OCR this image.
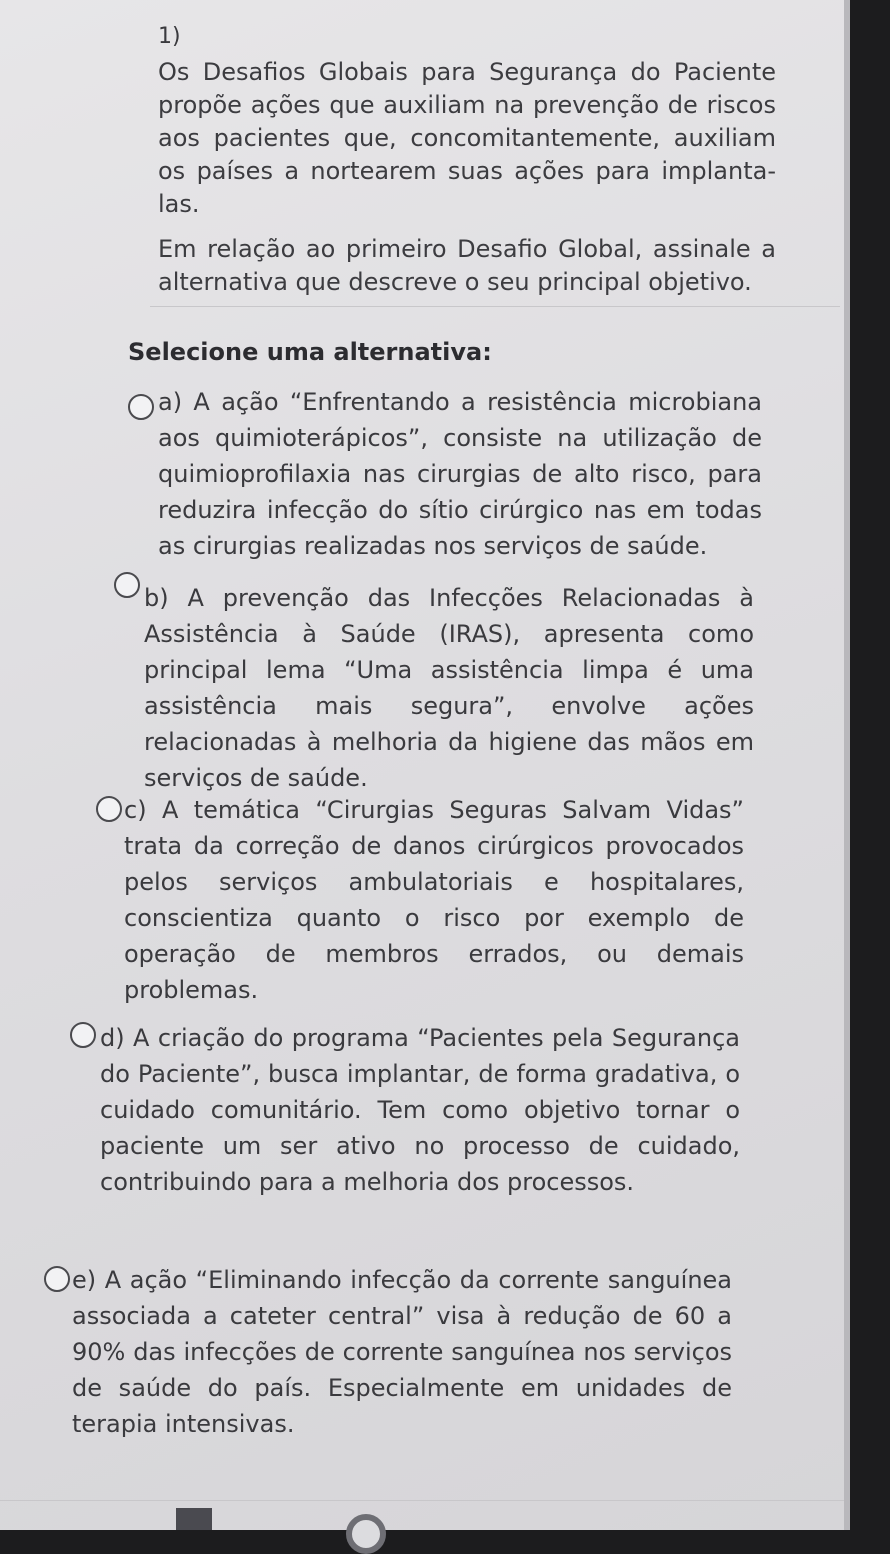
1)

Os Desafios Globais para Segurança do Paciente propõe ações que auxiliam na prevenção de riscos aos pacientes que, concomitantemente, auxiliam os países a nortearem suas ações para implanta-las.

Em relação ao primeiro Desafio Global, assinale a alternativa que descreve o seu principal objetivo.

Selecione uma alternativa:
a) A ação “Enfrentando a resistência microbiana aos quimioterápicos”, consiste na utilização de quimioprofilaxia nas cirurgias de alto risco, para reduzira infecção do sítio cirúrgico nas em todas as cirurgias realizadas nos serviços de saúde.
b) A prevenção das Infecções Relacionadas à Assistência à Saúde (IRAS), apresenta como principal lema “Uma assistência limpa é uma assistência mais segura”, envolve ações relacionadas à melhoria da higiene das mãos em serviços de saúde.
c) A temática “Cirurgias Seguras Salvam Vidas” trata da correção de danos cirúrgicos provocados pelos serviços ambulatoriais e hospitalares, conscientiza quanto o risco por exemplo de operação de membros errados, ou demais problemas.
d) A criação do programa “Pacientes pela Segurança do Paciente”, busca implantar, de forma gradativa, o cuidado comunitário. Tem como objetivo tornar o paciente um ser ativo no processo de cuidado, contribuindo para a melhoria dos processos.
e) A ação “Eliminando infecção da corrente sanguínea associada a cateter central” visa à redução de 60 a 90% das infecções de corrente sanguínea nos serviços de saúde do país. Especialmente em unidades de terapia intensivas.
